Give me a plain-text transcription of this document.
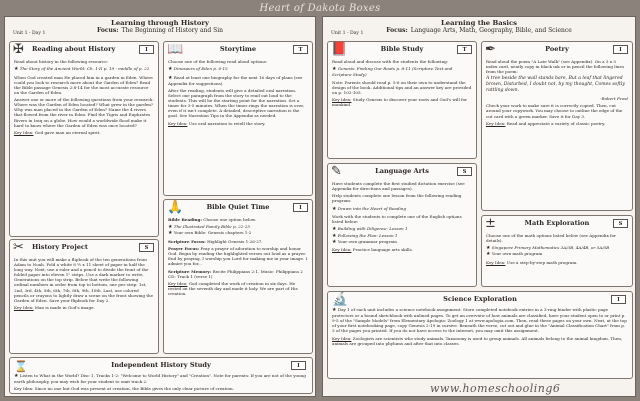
Heart of Dakota Boxes
Learning through History
Focus: The Beginning of History and Sin
Unit 1 - Day 1
✠	Reading about History	I

Read about history in the following resource:

★ The Story of the Ancient World: Ch. 1-II p. 19 - middle of p. 22

When God created man He placed him in a garden in Eden. Where could you look to research more about the Garden of Eden? Read the Bible passage Genesis 2:8-14 for the most accurate resource on the Garden of Eden.

Answer one or more of the following questions from your research: Where was the Garden of Eden located? What grew in the garden? Why was man placed in the Garden of Eden? Name the 4 rivers that flowed from the river in Eden. Find the Tigris and Euphrates Rivers in Iraq on a globe. How would a worldwide flood make it hard to know where the Garden of Eden was once located?

Key Idea: God gave man an eternal spirit.

✂	History Project	S

In this unit you will make a flipbook of the ten generations from Adam to Noah. Fold a white 8 ½ x 11 sheet of paper in half the long way. Next, use a ruler and a pencil to divide the front of the folded paper into eleven 1" strips. Use a dark marker to write, Generations on the top strip. Below that write the following ordinal numbers in order from top to bottom, one per strip: 1st, 2nd, 3rd, 4th, 5th, 6th, 7th, 8th, 9th, 10th. Last, use colored pencils or crayons to lightly draw a scene on the front showing the Garden of Eden. Save your flipbook for Day 2.

Key Idea: Man is made in God's image.

📖	Storytime	T

Choose one of the following read aloud options:

★ Dinosaurs of Eden p. 6-15

★ Read at least one biography for the next 16 days of plans (see Appendix for suggestions).

After the reading, students will give a detailed oral narration. Select one paragraph from the story to read out loud to the students. This will be the starting point for the narration. Set a timer for 3-5 minutes. When the timer rings the narration is over, even if it isn't complete. A detailed, descriptive narration is the goal. See Narration Tips in the Appendix as needed.

Key Idea: Use oral narration to retell the story.

🙏	Bible Quiet Time	I

Bible Reading: Choose one option below.

★ The Illustrated Family Bible p. 22-25
★ Your own Bible: Genesis chapters 1-2

Scripture Focus: Highlight Genesis 1:26-27.

Prayer Focus: Pray a prayer of adoration to worship and honor God. Begin by reading the highlighted verses out loud as a prayer. End by praying, I worship you Lord for making me in your image. I admire you for...

Scripture Memory: Recite Philippians 2:1. Music: Philippians 2 CD: Track 1 (verse 1)

Key Idea: God completed the work of creation in six days. He rested on the seventh day and made it holy. We are part of His creation.

⌛	Independent History Study	I

★ Listen to What in the World? Disc 1, Tracks 1-2: "Welcome to World History" and "Creation". Note for parents: If you are not of the young earth philosophy, you may wish for your student to omit track 2.

Key Idea: Since no one but God was present at creation, the Bible gives the only clear picture of creation.

Learning the Basics
Focus: Language Arts, Math, Geography, Bible, and Science
Unit 1 - Day 1
📕	Bible Study	T

Read aloud and discuss with the students the following:

★ Genesis: Finding Our Roots p. 8-11 (Scripture Text and Scripture Study)

Note: Parents should read p. 5-6 on their own to understand the design of the book. Additional tips and an answer key are provided on p. 102-105.

Key Idea: Study Genesis to discover your roots and God's will for mankind.

✎	Language Arts	S

Have students complete the first studied dictation exercise (see Appendix for directions and passages).

Help students complete one lesson from the following reading program:

★ Drawn into the Heart of Reading

Work with the students to complete one of the English options listed below:

★ Building with Diligence: Lesson 1
★ Following the Plan: Lesson 1
★ Your own grammar program

Key Idea: Practice language arts skills.

✒	Poetry	I

Read aloud the poem "A Late Walk" (see Appendix). On a 3 x 5 index card, neatly copy in black ink or in pencil the following lines from the poem:

A tree beside the wall stands bare, But a leaf that lingered brown, Disturbed, I doubt not, by my thought, Comes softly rattling down.

-Robert Frost

Check your work to make sure it is correctly copied. Then, cut around your copywork. You may choose to outline the edge of the cut card with a green marker. Save it for Day 3.

Key Idea: Read and appreciate a variety of classic poetry.

±	Math Exploration	S

Choose one of the math options listed below (see Appendix for details).

★ Singapore Primary Mathematics 3A/3B, 4A/4B, or 5A/5B
★ Your own math program

Key Idea: Use a step-by-step math program.

🔬	Science Exploration	I

★ Day 1 of each unit includes a science notebook assignment. Store completed notebook entries in a 3-ring binder with plastic page protectors or a bound sketchbook with unlined pages. To get an overview of how animals are classified, have your student open to or print p. 9-5 of the "Sample Models" from Elementary Apologia: Zoology 1 at www.apologia.com. Then, read these pages on your own. Next, at the top of your first notebooking page, copy Genesis 2:19 in cursive. Beneath the verse, cut out and glue in the "Animal Classification Chart" from p. 3 of the pages you printed. If you do not have access to the internet, you may omit this assignment.

Key Idea: Zoologists are scientists who study animals. Taxonomy is used to group animals. All animals belong to the animal kingdom. Then, animals are grouped into phylums and after that into classes.

www.homeschooling6
